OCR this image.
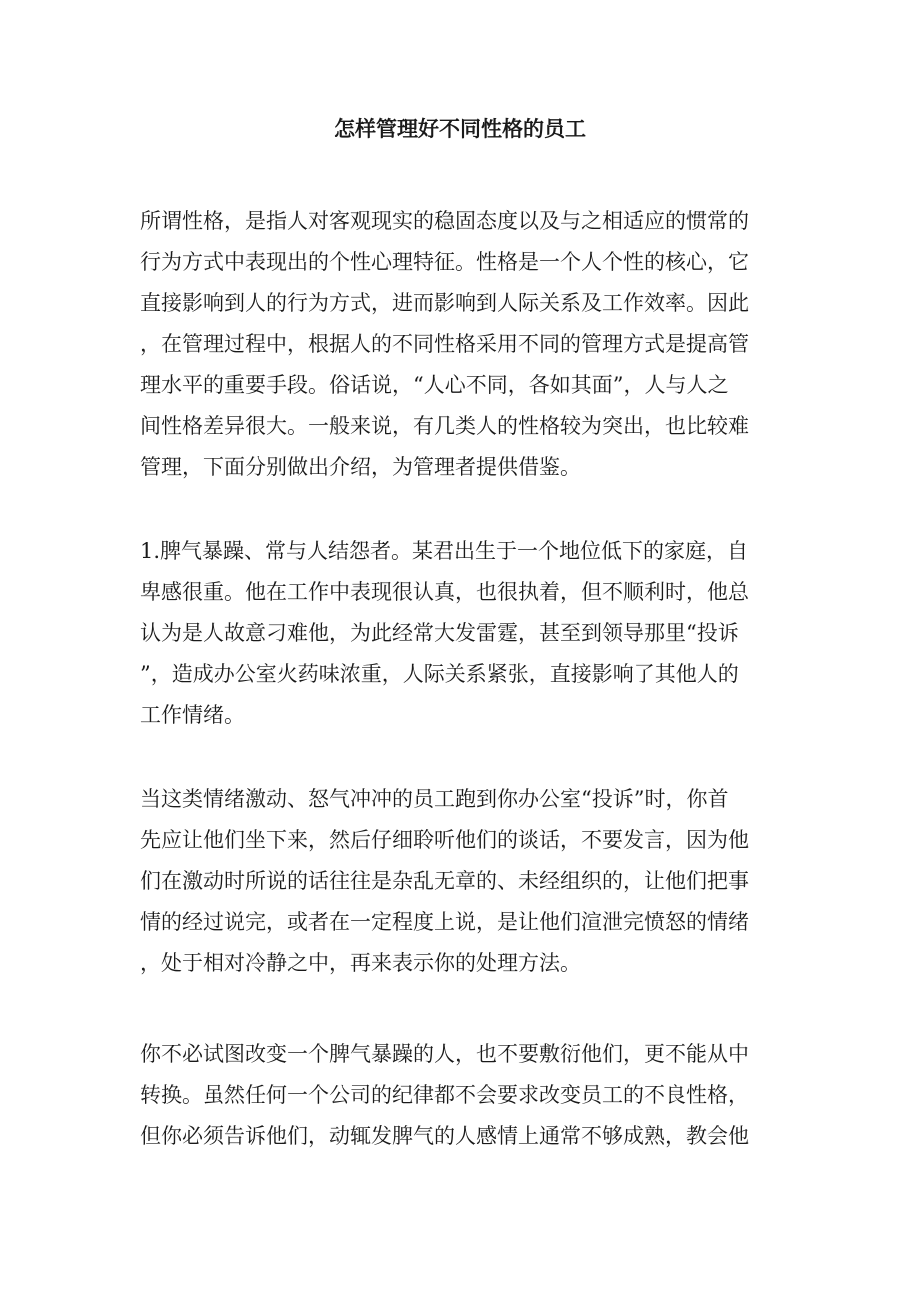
怎样管理好不同性格的员工
所谓性格，是指人对客观现实的稳固态度以及与之相适应的惯常的
行为方式中表现出的个性心理特征。性格是一个人个性的核心，它
直接影响到人的行为方式，进而影响到人际关系及工作效率。因此
，在管理过程中，根据人的不同性格采用不同的管理方式是提高管
理水平的重要手段。俗话说，“人心不同，各如其面”，人与人之
间性格差异很大。一般来说，有几类人的性格较为突出，也比较难
管理，下面分别做出介绍，为管理者提供借鉴。
1.脾气暴躁、常与人结怨者。某君出生于一个地位低下的家庭，自
卑感很重。他在工作中表现很认真，也很执着，但不顺利时，他总
认为是人故意刁难他，为此经常大发雷霆，甚至到领导那里“投诉
”，造成办公室火药味浓重，人际关系紧张，直接影响了其他人的
工作情绪。
当这类情绪激动、怒气冲冲的员工跑到你办公室“投诉”时，你首
先应让他们坐下来，然后仔细聆听他们的谈话，不要发言，因为他
们在激动时所说的话往往是杂乱无章的、未经组织的，让他们把事
情的经过说完，或者在一定程度上说，是让他们渲泄完愤怒的情绪
，处于相对冷静之中，再来表示你的处理方法。
你不必试图改变一个脾气暴躁的人，也不要敷衍他们，更不能从中
转换。虽然任何一个公司的纪律都不会要求改变员工的不良性格，
但你必须告诉他们，动辄发脾气的人感情上通常不够成熟，教会他
